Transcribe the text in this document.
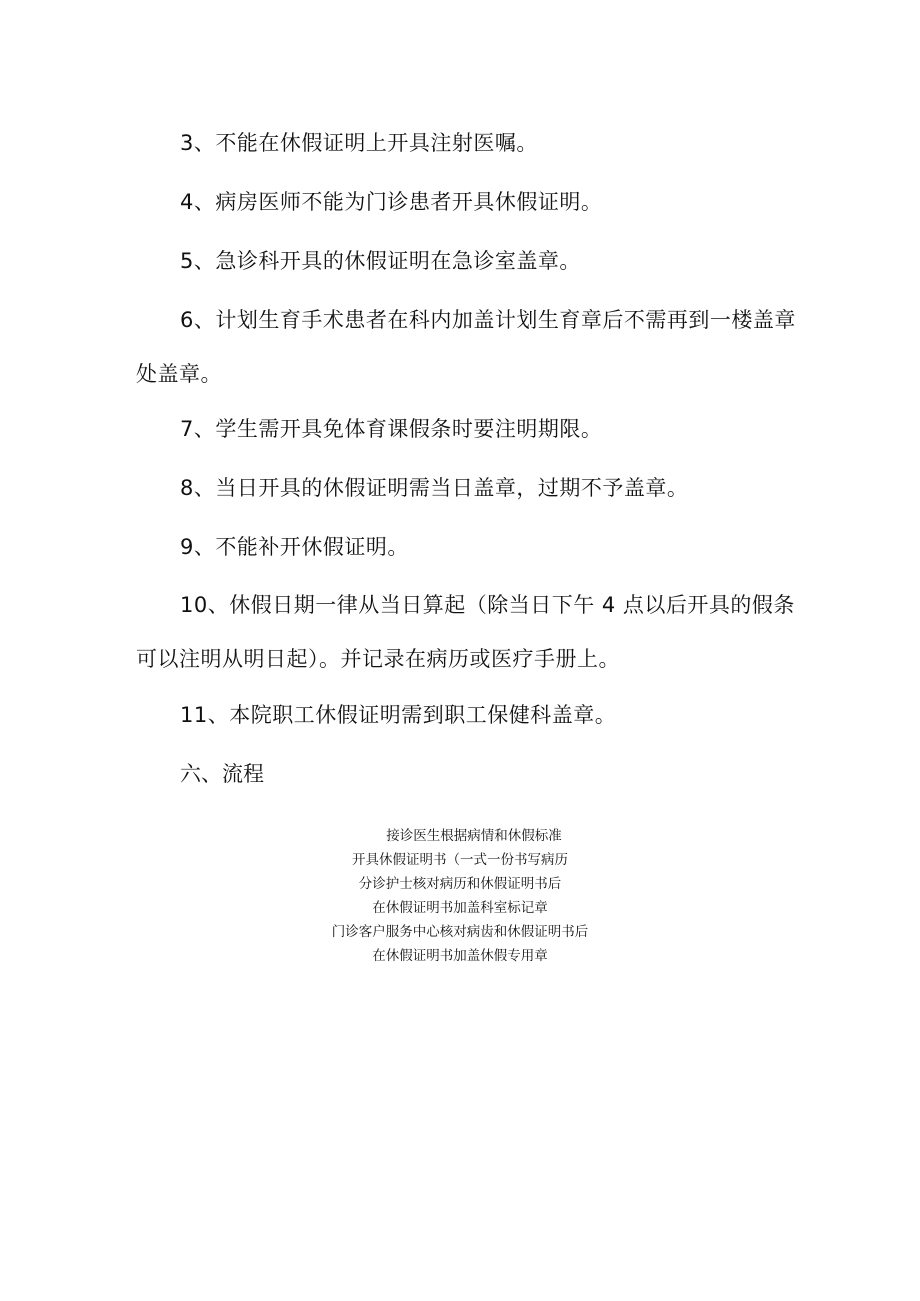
3、不能在休假证明上开具注射医嘱。

4、病房医师不能为门诊患者开具休假证明。

5、急诊科开具的休假证明在急诊室盖章。

6、计划生育手术患者在科内加盖计划生育章后不需再到一楼盖章处盖章。

7、学生需开具免体育课假条时要注明期限。

8、当日开具的休假证明需当日盖章，过期不予盖章。

9、不能补开休假证明。

10、休假日期一律从当日算起（除当日下午 4 点以后开具的假条可以注明从明日起）。并记录在病历或医疗手册上。

11、本院职工休假证明需到职工保健科盖章。

六、流程

接诊医生根据病情和休假标准
开具休假证明书（一式一份书写病历
分诊护士核对病历和休假证明书后
在休假证明书加盖科室标记章
门诊客户服务中心核对病齿和休假证明书后
在休假证明书加盖休假专用章
